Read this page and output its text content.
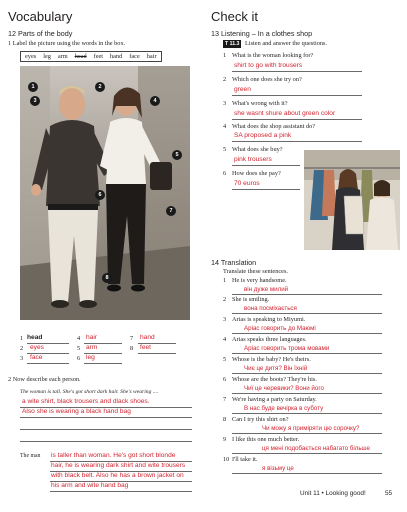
Vocabulary
12 Parts of the body
1 Label the picture using the words in the box.
eyes leg arm head feet hand face hair
1	2
3	4
5
6
7
8
1 head
2 eyes
3 face
4 hair
5 arm
6 leg
7 hand
8 feet
2 Now describe each person.
The woman is tall. She's got short dark hair. She's wearing ....
a wite shirt, black trousers and dlack shoes.
Also she is wearing a black hand bag
The man is taller than woman. He's got short blonde
hair, he is wearing dark shirt and wite trousers
with black belt. Also he has a brown jacket on
his arm and wite hand bag
Check it
13 Listening – In a clothes shop
T 11.3 Listen and answer the questions.
1 What is the woman looking for?
shirt to go with trousers
2 Which one does she try on?
green
3 What's wrong with it?
she wasnt shure about green color
4 What does the shop assistant do?
SA proposed a pink
5 What does she buy?
pink trousers
6 How does she pay?
70 euros
14 Translation
Translate these sentences.
1 He is very handsome.
він дуже милий
2 She is smiling.
вона посміхається
3 Arias is speaking to Miyumi.
Аріас говорить до Маюмі
4 Arias speaks three languages.
Аріас говорить трома мовами
5 Whose is the baby? He's theirs.
Чиє це дитя? Він їхній
6 Whose are the boots? They're his.
Чиї це черевики? Вони його
7 We're having a party on Saturday.
В нас буде вечірка в суботу
8 Can I try this shirt on?
Чи можу я приміряти цю сорочку?
9 I like this one much better.
ця мені подобається набагато більше
10 I'll take it.
я візьму це
Unit 11 • Looking good!	55
